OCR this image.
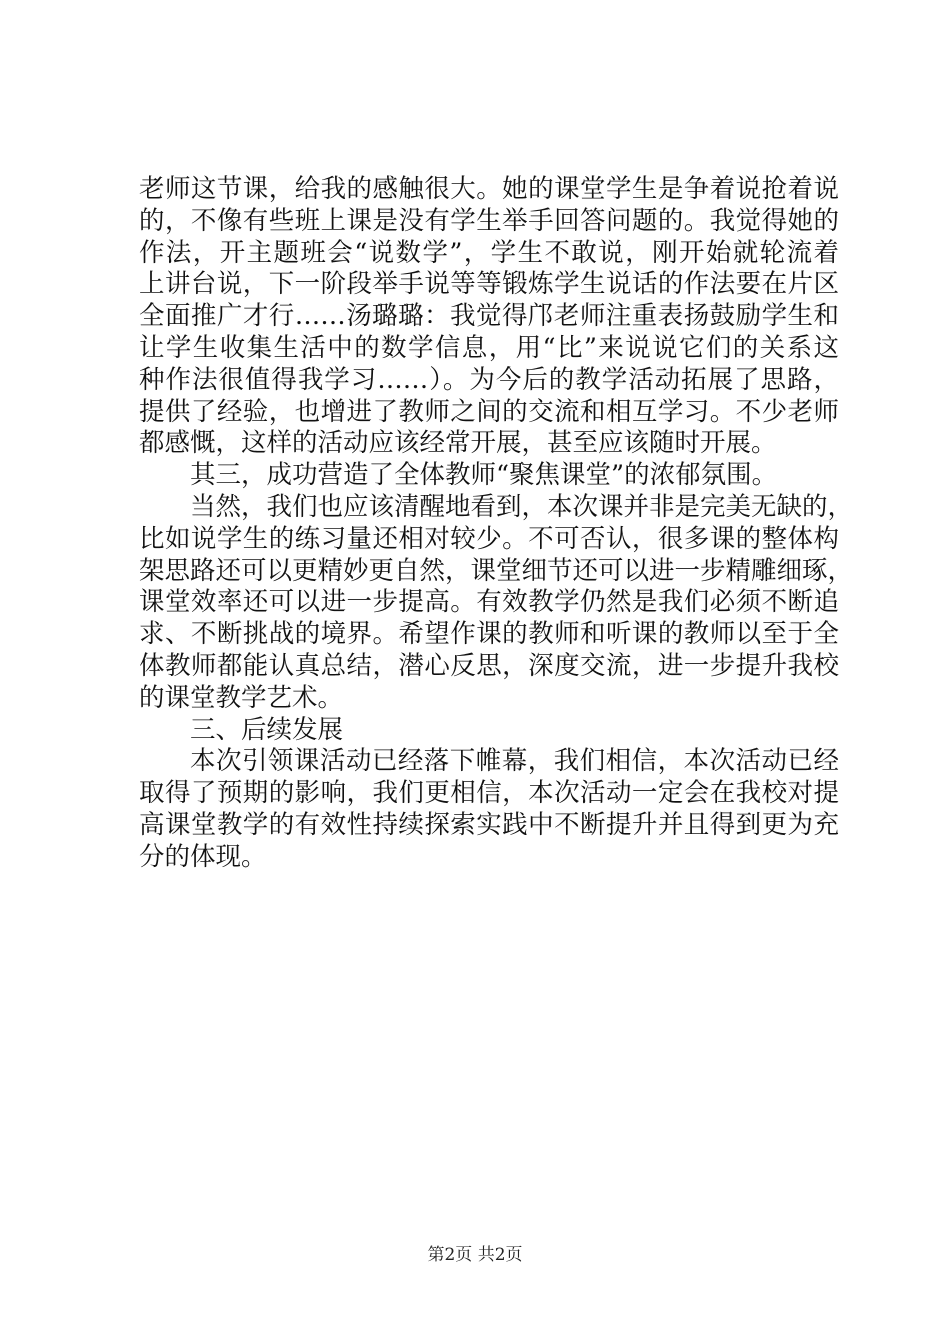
老师这节课，给我的感触很大。她的课堂学生是争着说抢着说
的，不像有些班上课是没有学生举手回答问题的。我觉得她的
作法，开主题班会“说数学”，学生不敢说，刚开始就轮流着
上讲台说，下一阶段举手说等等锻炼学生说话的作法要在片区
全面推广才行……汤璐璐：我觉得邝老师注重表扬鼓励学生和
让学生收集生活中的数学信息，用“比”来说说它们的关系这
种作法很值得我学习……）。为今后的教学活动拓展了思路，
提供了经验，也增进了教师之间的交流和相互学习。不少老师
都感慨，这样的活动应该经常开展，甚至应该随时开展。
其三，成功营造了全体教师“聚焦课堂”的浓郁氛围。
当然，我们也应该清醒地看到，本次课并非是完美无缺的，
比如说学生的练习量还相对较少。不可否认，很多课的整体构
架思路还可以更精妙更自然，课堂细节还可以进一步精雕细琢，
课堂效率还可以进一步提高。有效教学仍然是我们必须不断追
求、不断挑战的境界。希望作课的教师和听课的教师以至于全
体教师都能认真总结，潜心反思，深度交流，进一步提升我校
的课堂教学艺术。
三、后续发展
本次引领课活动已经落下帷幕，我们相信，本次活动已经
取得了预期的影响，我们更相信，本次活动一定会在我校对提
高课堂教学的有效性持续探索实践中不断提升并且得到更为充
分的体现。
第2页 共2页
